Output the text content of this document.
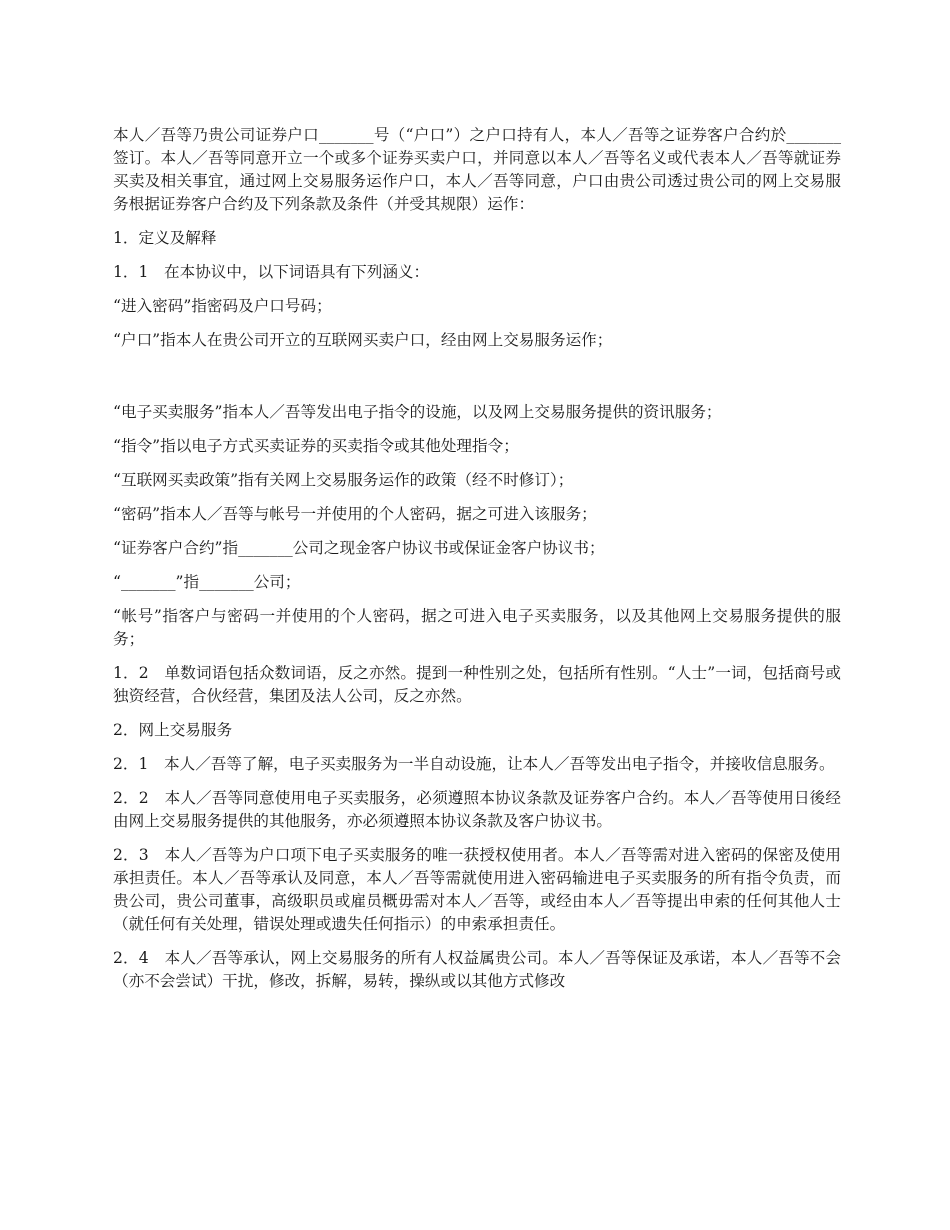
本人／吾等乃贵公司证券户口_______号（“户口”）之户口持有人，本人／吾等之证券客户合约於_______签订。本人／吾等同意开立一个或多个证券买卖户口，并同意以本人／吾等名义或代表本人／吾等就证券买卖及相关事宜，通过网上交易服务运作户口，本人／吾等同意，户口由贵公司透过贵公司的网上交易服务根据证券客户合约及下列条款及条件（并受其规限）运作：

1．定义及解释

1．1　在本协议中，以下词语具有下列涵义：

“进入密码”指密码及户口号码；

“户口”指本人在贵公司开立的互联网买卖户口，经由网上交易服务运作；

“电子买卖服务”指本人／吾等发出电子指令的设施，以及网上交易服务提供的资讯服务；

“指令”指以电子方式买卖证券的买卖指令或其他处理指令；

“互联网买卖政策”指有关网上交易服务运作的政策（经不时修订）；

“密码”指本人／吾等与帐号一并使用的个人密码，据之可进入该服务；

“证券客户合约”指_______公司之现金客户协议书或保证金客户协议书；

“_______”指_______公司；

“帐号”指客户与密码一并使用的个人密码，据之可进入电子买卖服务，以及其他网上交易服务提供的服务；

1．2　单数词语包括众数词语，反之亦然。提到一种性别之处，包括所有性别。“人士”一词，包括商号或独资经营，合伙经营，集团及法人公司，反之亦然。

2．网上交易服务

2．1　本人／吾等了解，电子买卖服务为一半自动设施，让本人／吾等发出电子指令，并接收信息服务。

2．2　本人／吾等同意使用电子买卖服务，必须遵照本协议条款及证券客户合约。本人／吾等使用日後经由网上交易服务提供的其他服务，亦必须遵照本协议条款及客户协议书。

2．3　本人／吾等为户口项下电子买卖服务的唯一获授权使用者。本人／吾等需对进入密码的保密及使用承担责任。本人／吾等承认及同意，本人／吾等需就使用进入密码输进电子买卖服务的所有指令负责，而贵公司，贵公司董事，高级职员或雇员概毋需对本人／吾等，或经由本人／吾等提出申索的任何其他人士（就任何有关处理，错误处理或遗失任何指示）的申索承担责任。

2．4　本人／吾等承认，网上交易服务的所有人权益属贵公司。本人／吾等保证及承诺，本人／吾等不会（亦不会尝试）干扰，修改，拆解，易转，操纵或以其他方式修改
